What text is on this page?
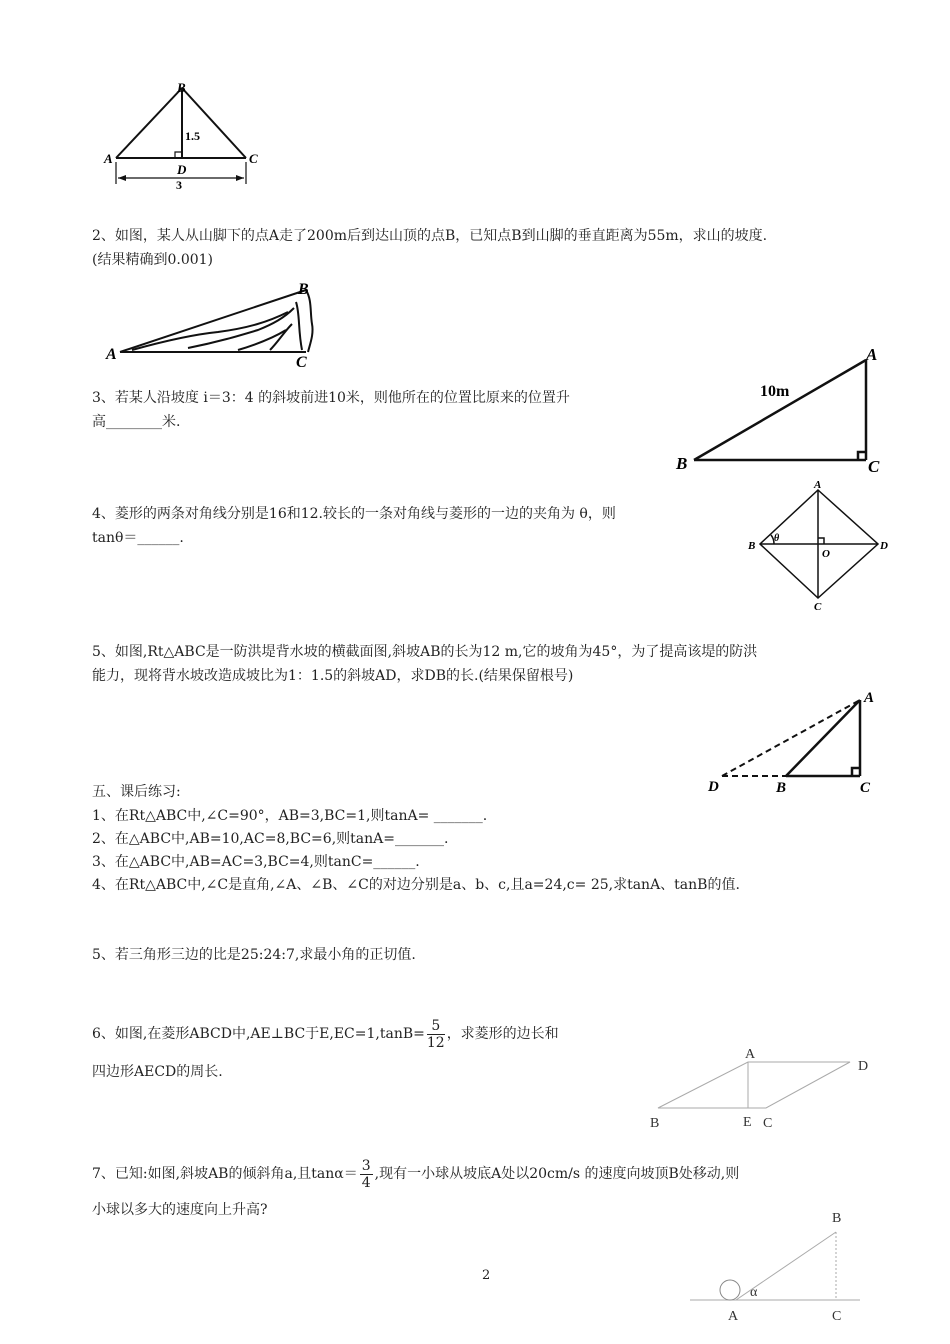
B
1.5
A
D
C
3

2、如图，某人从山脚下的点A走了200m后到达山顶的点B，已知点B到山脚的垂直距离为55m，求山的坡度.

(结果精确到0.001)

A
B
C

3、若某人沿坡度 i＝3：4 的斜坡前进10米，则他所在的位置比原来的位置升

高________米.

A
B	C
10m

4、菱形的两条对角线分别是16和12.较长的一条对角线与菱形的一边的夹角为 θ，则

tanθ＝______.

A
B
C
D
O
θ

5、如图,Rt△ABC是一防洪堤背水坡的横截面图,斜坡AB的长为12 m,它的坡角为45°，为了提高该堤的防洪

能力，现将背水坡改造成坡比为1：1.5的斜坡AD，求DB的长.(结果保留根号)

A
B	C
D

五、课后练习:

1、在Rt△ABC中,∠C=90°，AB=3,BC=1,则tanA= _______.

2、在△ABC中,AB=10,AC=8,BC=6,则tanA=_______.

3、在△ABC中,AB=AC=3,BC=4,则tanC=______.

4、在Rt△ABC中,∠C是直角,∠A、∠B、∠C的对边分别是a、b、c,且a=24,c= 25,求tanA、tanB的值.

5、若三角形三边的比是25:24:7,求最小角的正切值.

6、如图,在菱形ABCD中,AE⊥BC于$E,EC=1,\tan B= \frac{5}{12}$ ，求菱形的边长和

四边形AECD的周长.

A
D
B	E C
7、已知:如图,斜坡AB的倾斜角a,且$\tan\alpha= \frac{3}{4}$ ,现有一小球从坡底A处以20cm/s 的速度向坡顶B处移动,则

小球以多大的速度向上升高?

B
A	C
α
2
